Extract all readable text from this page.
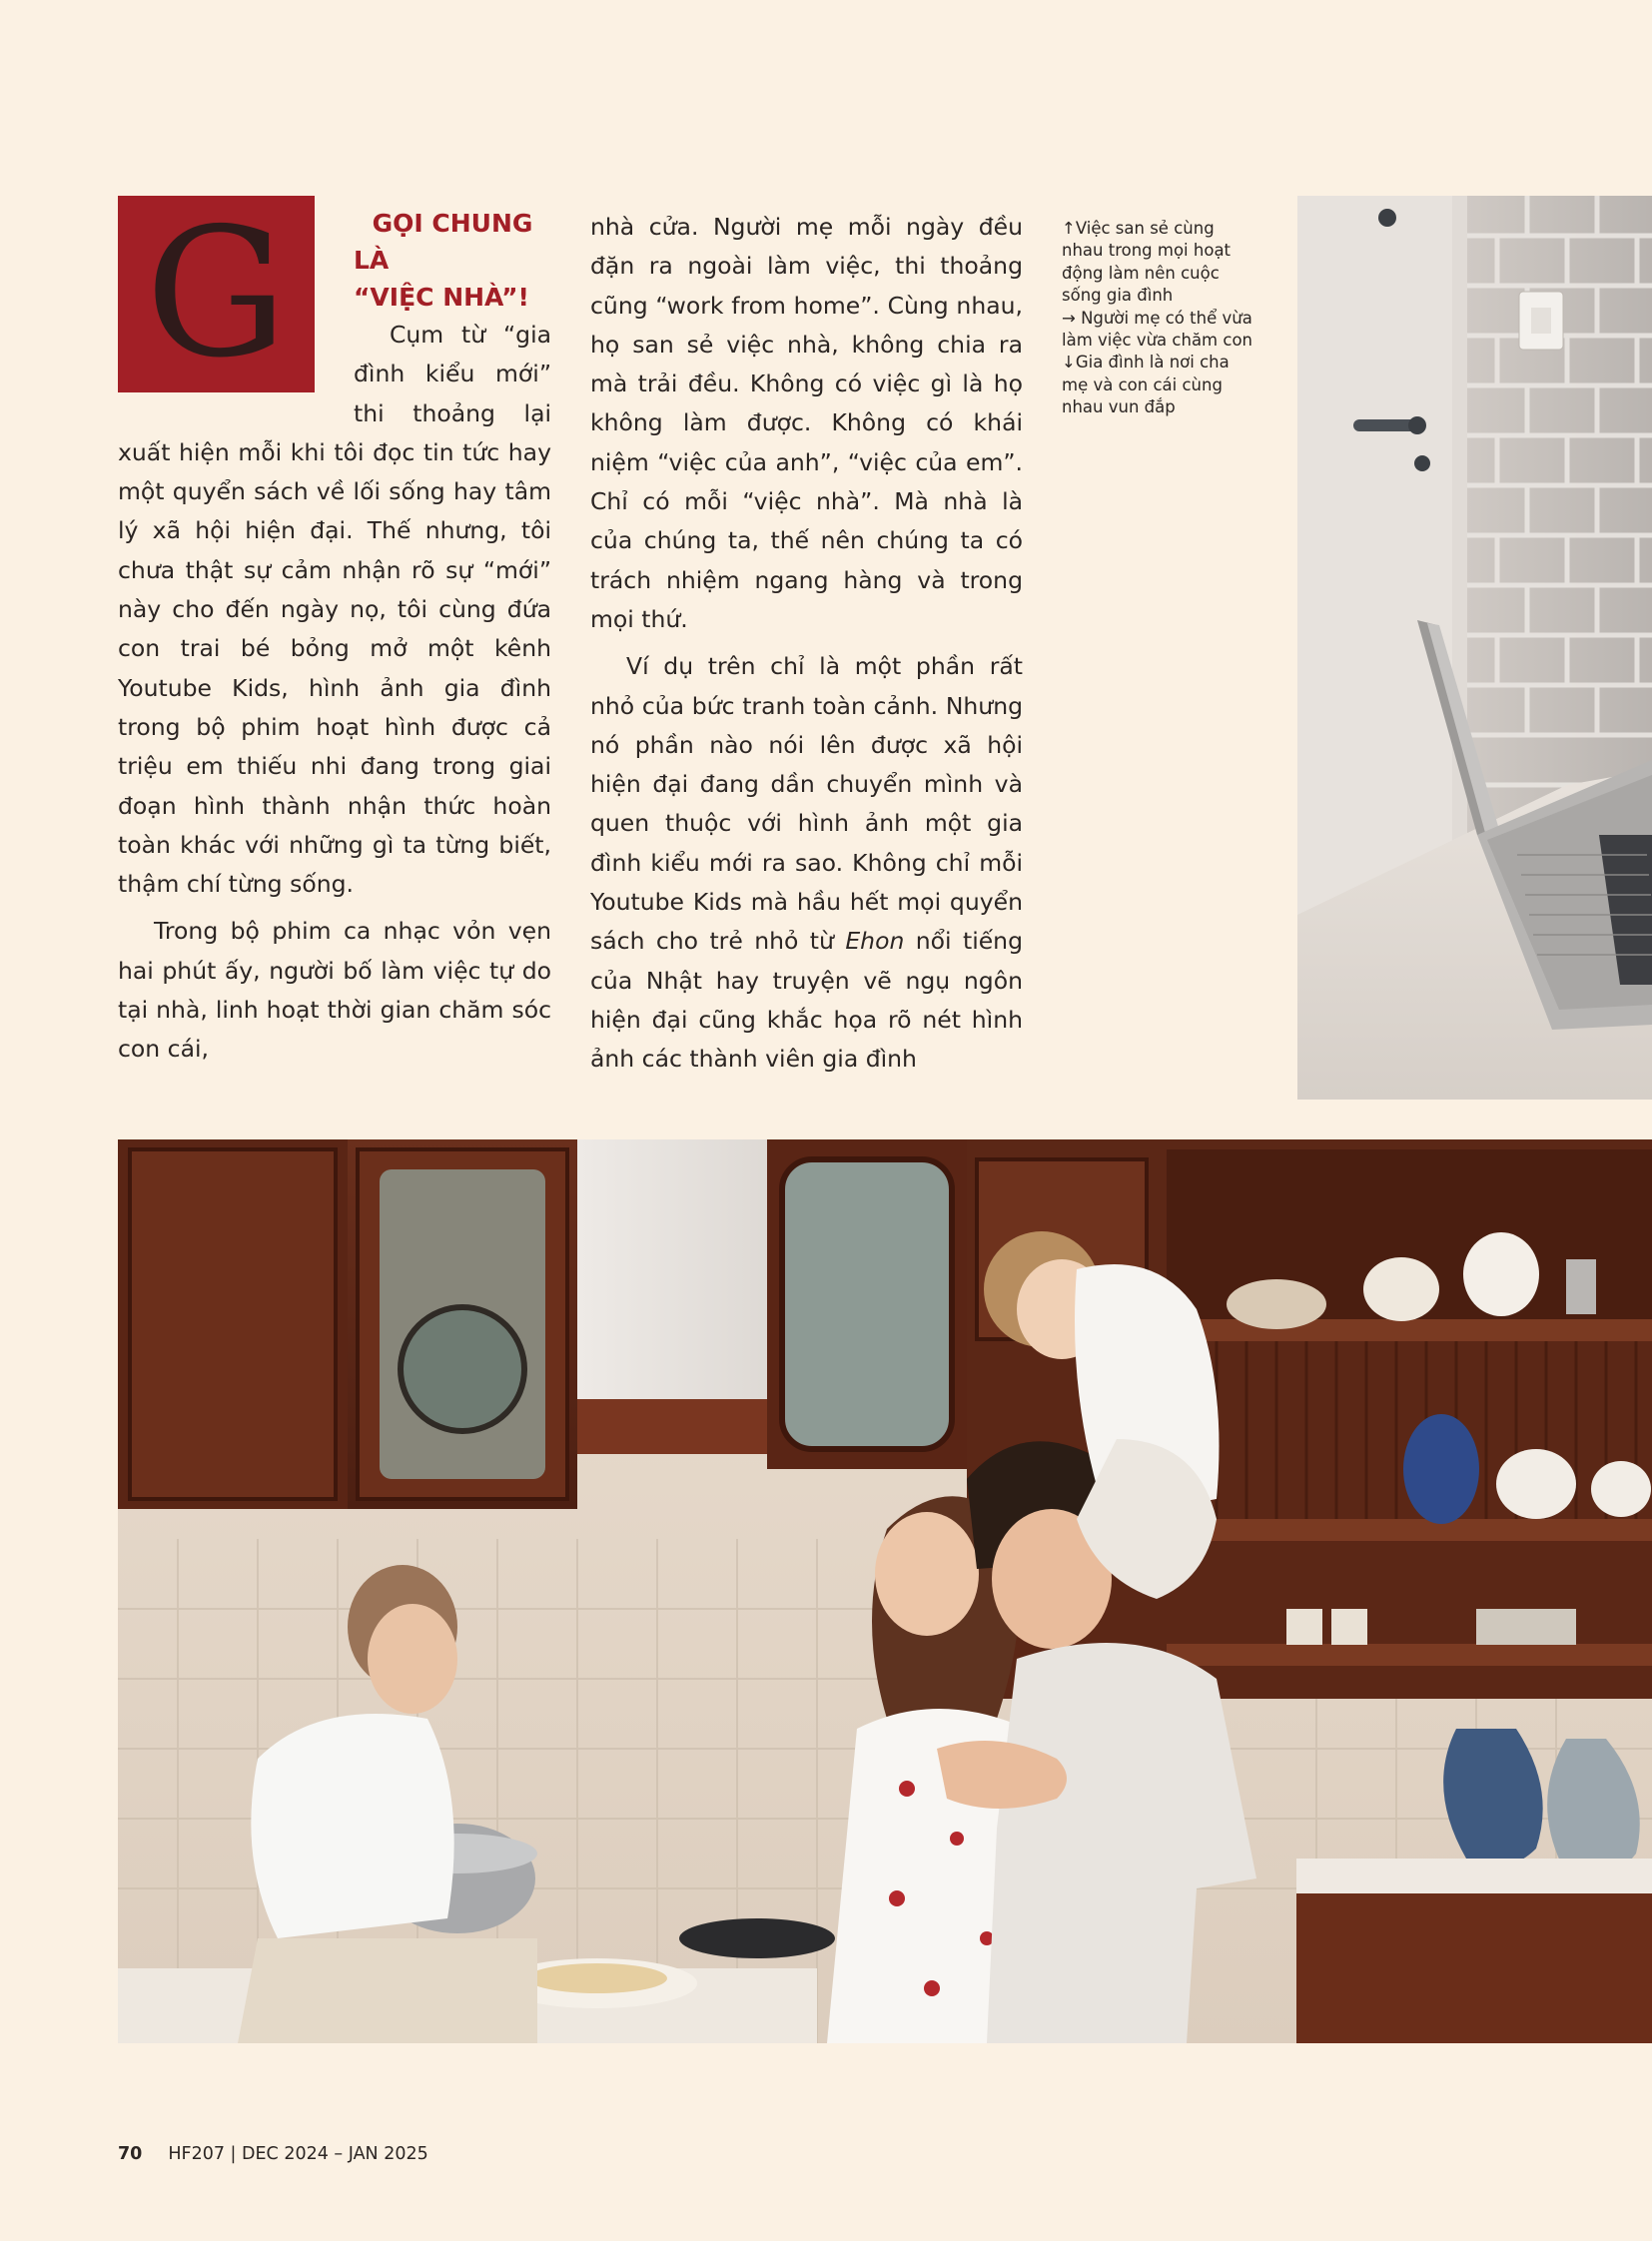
G	GỌI CHUNG LÀ
“VIỆC NHÀ”!

Cụm từ “gia đình kiểu mới” thi thoảng lại xuất hiện mỗi khi tôi đọc tin tức hay một quyển sách về lối sống hay tâm lý xã hội hiện đại. Thế nhưng, tôi chưa thật sự cảm nhận rõ sự “mới” này cho đến ngày nọ, tôi cùng đứa con trai bé bỏng mở một kênh Youtube Kids, hình ảnh gia đình trong bộ phim hoạt hình được cả triệu em thiếu nhi đang trong giai đoạn hình thành nhận thức hoàn toàn khác với những gì ta từng biết, thậm chí từng sống.

Trong bộ phim ca nhạc vỏn vẹn hai phút ấy, người bố làm việc tự do tại nhà, linh hoạt thời gian chăm sóc con cái,

nhà cửa. Người mẹ mỗi ngày đều đặn ra ngoài làm việc, thi thoảng cũng “work from home”. Cùng nhau, họ san sẻ việc nhà, không chia ra mà trải đều. Không có việc gì là họ không làm được. Không có khái niệm “việc của anh”, “việc của em”. Chỉ có mỗi “việc nhà”. Mà nhà là của chúng ta, thế nên chúng ta có trách nhiệm ngang hàng và trong mọi thứ.

Ví dụ trên chỉ là một phần rất nhỏ của bức tranh toàn cảnh. Nhưng nó phần nào nói lên được xã hội hiện đại đang dần chuyển mình và quen thuộc với hình ảnh một gia đình kiểu mới ra sao. Không chỉ mỗi Youtube Kids mà hầu hết mọi quyển sách cho trẻ nhỏ từ Ehon nổi tiếng của Nhật hay truyện vẽ ngụ ngôn hiện đại cũng khắc họa rõ nét hình ảnh các thành viên gia đình

↑Việc san sẻ cùng
nhau trong mọi hoạt
động làm nên cuộc
sống gia đình
→ Người mẹ có thể vừa
làm việc vừa chăm con
↓Gia đình là nơi cha
mẹ và con cái cùng
nhau vun đắp
70 HF207 | DEC 2024 – JAN 2025
